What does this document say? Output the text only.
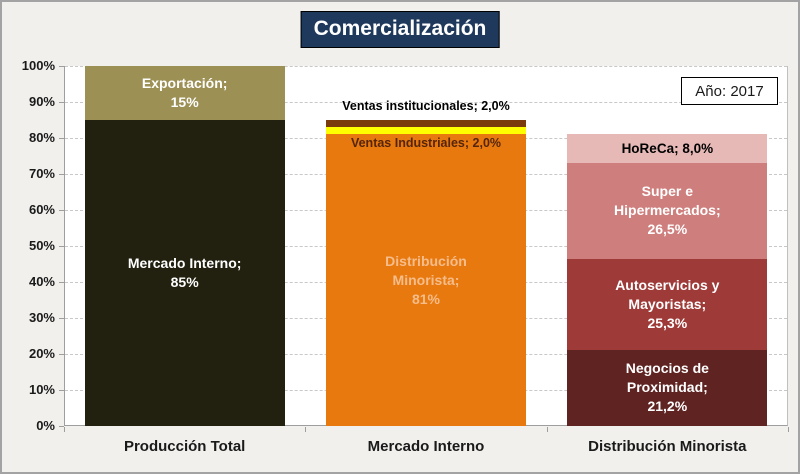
Comercialización
0%
10%
20%
30%
40%
50%
60%
70%
80%
90%
100%
Producción Total	Mercado Interno	Distribución Minorista
Mercado Interno;
85%
Exportación;
15%
Distribución
Minorista;
81%
Ventas Industriales; 2,0%
Ventas institucionales; 2,0%
Negocios de
Proximidad;
21,2%
Autoservicios y
Mayoristas;
25,3%
Super e
Hipermercados;
26,5%
HoReCa; 8,0%
Año: 2017
